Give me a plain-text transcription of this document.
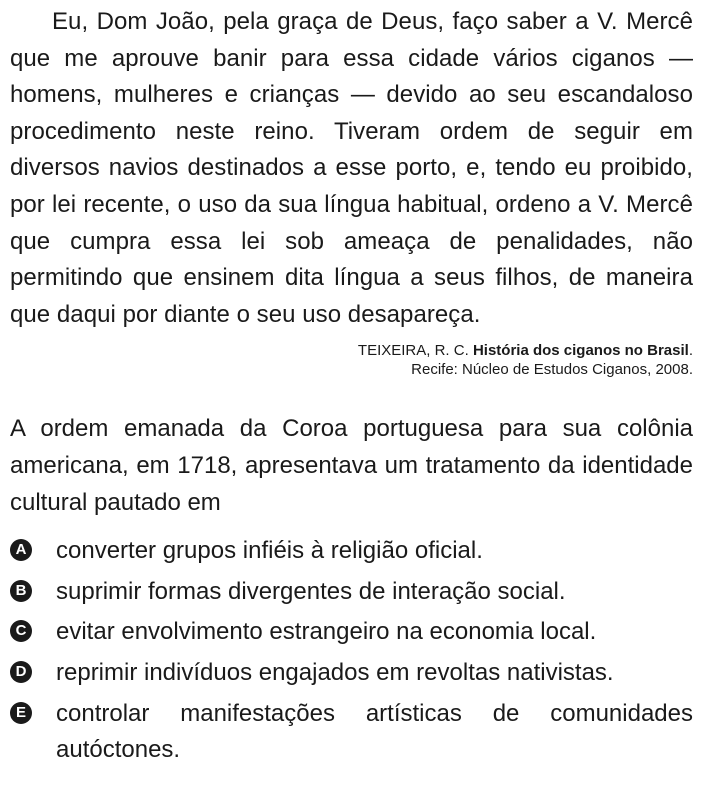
Eu, Dom João, pela graça de Deus, faço saber a V. Mercê que me aprouve banir para essa cidade vários ciganos — homens, mulheres e crianças — devido ao seu escandaloso procedimento neste reino. Tiveram ordem de seguir em diversos navios destinados a esse porto, e, tendo eu proibido, por lei recente, o uso da sua língua habitual, ordeno a V. Mercê que cumpra essa lei sob ameaça de penalidades, não permitindo que ensinem dita língua a seus filhos, de maneira que daqui por diante o seu uso desapareça.

TEIXEIRA, R. C. História dos ciganos no Brasil.
Recife: Núcleo de Estudos Ciganos, 2008.
A ordem emanada da Coroa portuguesa para sua colônia americana, em 1718, apresentava um tratamento da identidade cultural pautado em
A converter grupos infiéis à religião oficial.
B suprimir formas divergentes de interação social.
C evitar envolvimento estrangeiro na economia local.
D reprimir indivíduos engajados em revoltas nativistas.
E controlar manifestações artísticas de comunidades autóctones.
